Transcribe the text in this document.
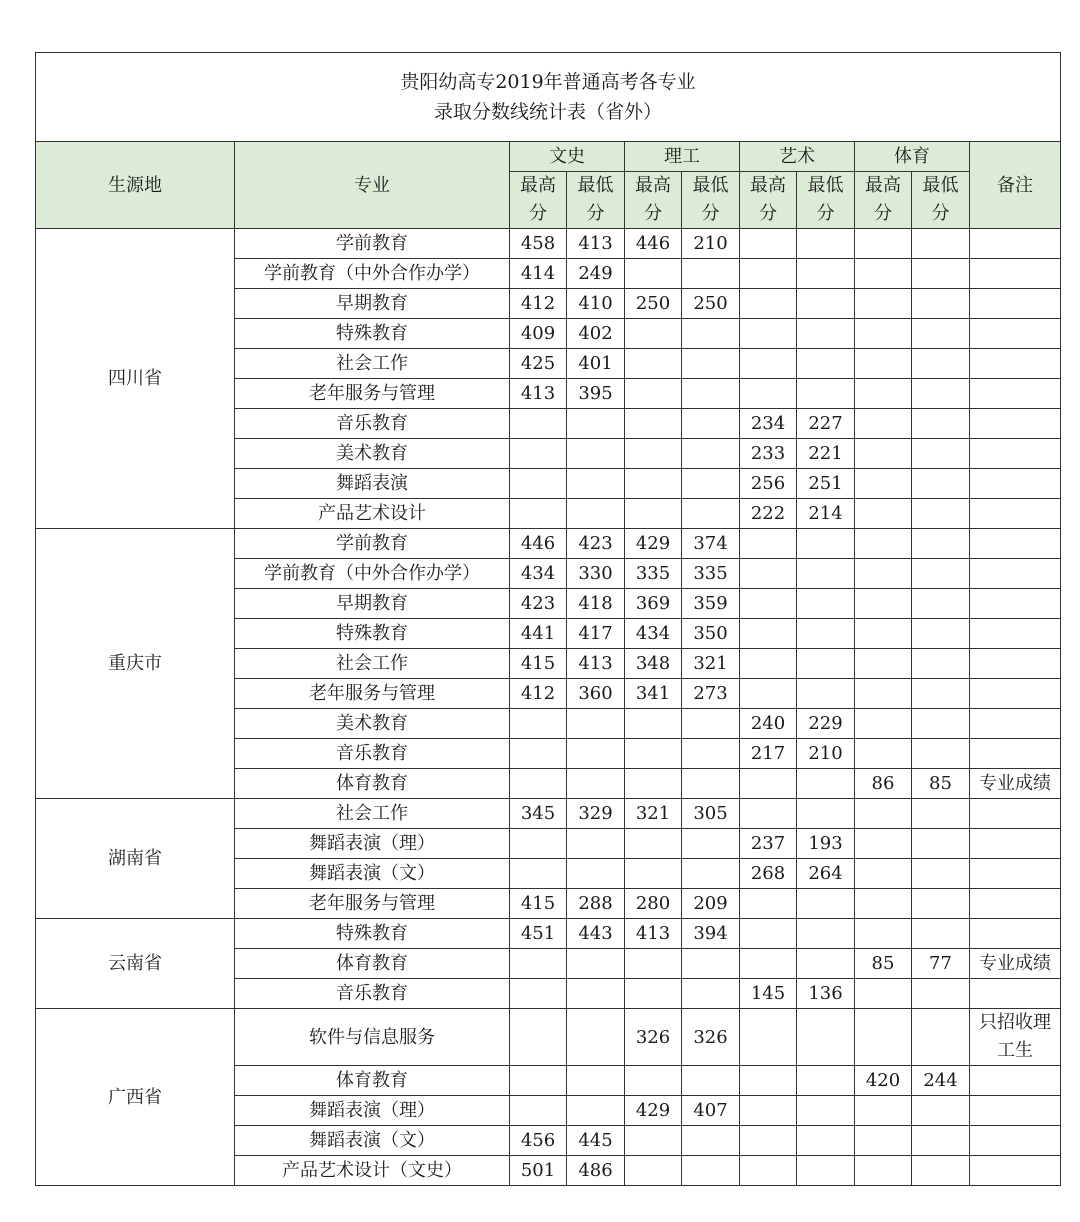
贵阳幼高专2019年普通高考各专业
录取分数线统计表（省外）										

生源地	专业	文史		理工		艺术		体育		备注
		最高分	最低分	最高分	最低分	最高分	最低分	最高分	最低分	
四川省	学前教育	458	413	446	210					
	学前教育（中外合作办学）	414	249							
	早期教育	412	410	250	250					
	特殊教育	409	402							
	社会工作	425	401							
	老年服务与管理	413	395							
	音乐教育					234	227			
	美术教育					233	221			
	舞蹈表演					256	251			
	产品艺术设计					222	214			
重庆市	学前教育	446	423	429	374					
	学前教育（中外合作办学）	434	330	335	335					
	早期教育	423	418	369	359					
	特殊教育	441	417	434	350					
	社会工作	415	413	348	321					
	老年服务与管理	412	360	341	273					
	美术教育					240	229			
	音乐教育					217	210			
	体育教育							86	85	专业成绩
湖南省	社会工作	345	329	321	305					
	舞蹈表演（理）					237	193			
	舞蹈表演（文）					268	264			
	老年服务与管理	415	288	280	209					
云南省	特殊教育	451	443	413	394					
	体育教育							85	77	专业成绩
	音乐教育					145	136			
广西省	软件与信息服务			326	326					只招收理工生
	体育教育							420	244	
	舞蹈表演（理）			429	407					
	舞蹈表演（文）	456	445							
	产品艺术设计（文史）	501	486							
